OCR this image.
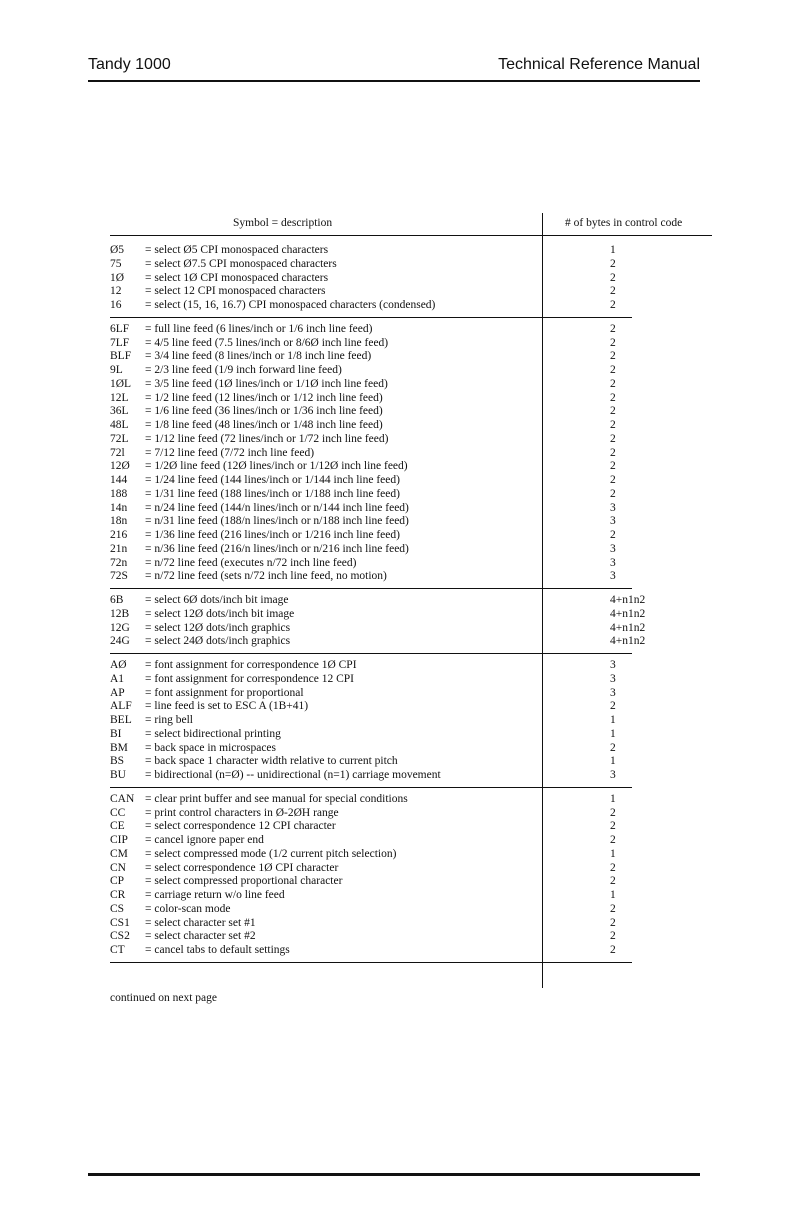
Tandy 1000	Technical Reference Manual
Symbol = description	# of bytes in control code
Ø5 = select Ø5 CPI monospaced characters	1
75 = select Ø7.5 CPI monospaced characters	2
1Ø = select 1Ø CPI monospaced characters	2
12 = select 12 CPI monospaced characters	2
16 = select (15, 16, 16.7) CPI monospaced characters (condensed)	2
6LF = full line feed (6 lines/inch or 1/6 inch line feed)	2
7LF = 4/5 line feed (7.5 lines/inch or 8/6Ø inch line feed)	2
BLF = 3/4 line feed (8 lines/inch or 1/8 inch line feed)	2
9L = 2/3 line feed (1/9 inch forward line feed)	2
1ØL = 3/5 line feed (1Ø lines/inch or 1/1Ø inch line feed)	2
12L = 1/2 line feed (12 lines/inch or 1/12 inch line feed)	2
36L = 1/6 line feed (36 lines/inch or 1/36 inch line feed)	2
48L = 1/8 line feed (48 lines/inch or 1/48 inch line feed)	2
72L = 1/12 line feed (72 lines/inch or 1/72 inch line feed)	2
72l = 7/12 line feed (7/72 inch line feed)	2
12Ø = 1/2Ø line feed (12Ø lines/inch or 1/12Ø inch line feed)	2
144 = 1/24 line feed (144 lines/inch or 1/144 inch line feed)	2
188 = 1/31 line feed (188 lines/inch or 1/188 inch line feed)	2
14n = n/24 line feed (144/n lines/inch or n/144 inch line feed)	3
18n = n/31 line feed (188/n lines/inch or n/188 inch line feed)	3
216 = 1/36 line feed (216 lines/inch or 1/216 inch line feed)	2
21n = n/36 line feed (216/n lines/inch or n/216 inch line feed)	3
72n = n/72 line feed (executes n/72 inch line feed)	3
72S = n/72 line feed (sets n/72 inch line feed, no motion)	3
6B = select 6Ø dots/inch bit image	4+n1n2
12B = select 12Ø dots/inch bit image	4+n1n2
12G = select 12Ø dots/inch graphics	4+n1n2
24G = select 24Ø dots/inch graphics	4+n1n2
AØ = font assignment for correspondence 1Ø CPI	3
A1 = font assignment for correspondence 12 CPI	3
AP = font assignment for proportional	3
ALF = line feed is set to ESC A (1B+41)	2
BEL = ring bell	1
BI = select bidirectional printing	1
BM = back space in microspaces	2
BS = back space 1 character width relative to current pitch	1
BU = bidirectional (n=Ø) -- unidirectional (n=1) carriage movement	3
CAN = clear print buffer and see manual for special conditions	1
CC = print control characters in Ø-2ØH range	2
CE = select correspondence 12 CPI character	2
CIP = cancel ignore paper end	2
CM = select compressed mode (1/2 current pitch selection)	1
CN = select correspondence 1Ø CPI character	2
CP = select compressed proportional character	2
CR = carriage return w/o line feed	1
CS = color-scan mode	2
CS1 = select character set #1	2
CS2 = select character set #2	2
CT = cancel tabs to default settings	2
continued on next page
